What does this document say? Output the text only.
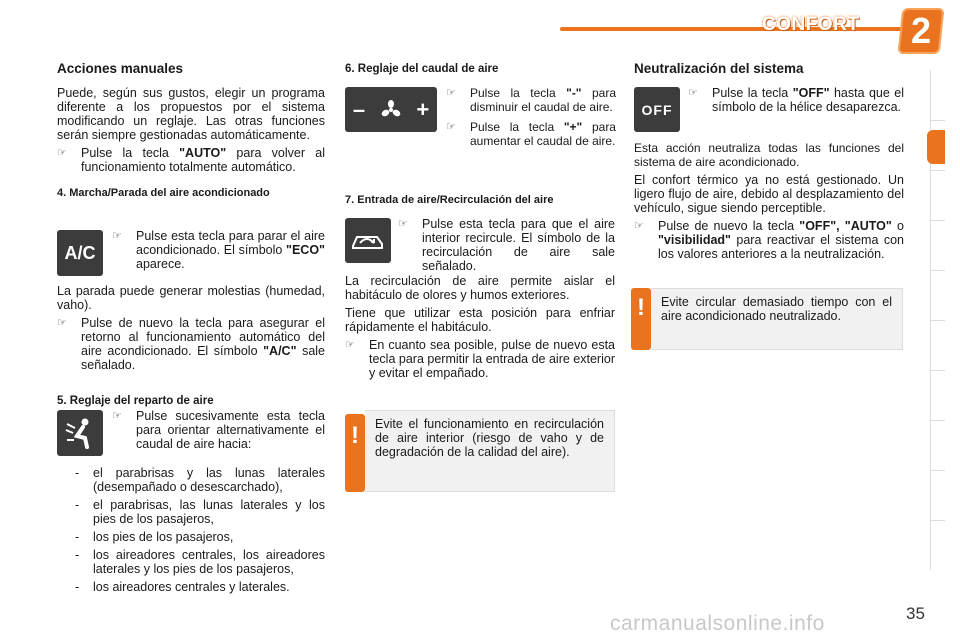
CONFORT	2
Acciones manuales

Puede, según sus gustos, elegir un programa diferente a los propuestos por el sistema modificando un reglaje. Las otras funciones serán siempre gestionadas automáticamente.

☞	Pulse la tecla "AUTO" para volver al funcionamiento totalmente automático.
4. Marcha/Parada del aire acondicionado
A/C
☞	Pulse esta tecla para parar el aire acondicionado. El símbolo "ECO" aparece.

La parada puede generar molestias (humedad, vaho).

☞	Pulse de nuevo la tecla para asegurar el retorno al funcionamiento automático del aire acondicionado. El símbolo "A/C" sale señalado.
5. Reglaje del reparto de aire
☞	Pulse sucesivamente esta tecla para orientar alternativamente el caudal de aire hacia:
-	el parabrisas y las lunas laterales (desempañado o desescarchado),
-	el parabrisas, las lunas laterales y los pies de los pasajeros,
-	los pies de los pasajeros,
-	los aireadores centrales, los aireadores laterales y los pies de los pasajeros,
-	los aireadores centrales y laterales.
6. Reglaje del caudal de aire
– +
☞	Pulse la tecla "-" para disminuir el caudal de aire.
☞	Pulse la tecla "+" para aumentar el caudal de aire.
7. Entrada de aire/Recirculación del aire
☞	Pulse esta tecla para que el aire interior recircule. El símbolo de la recirculación de aire sale señalado.

La recirculación de aire permite aislar el habitáculo de olores y humos exteriores.

Tiene que utilizar esta posición para enfriar rápidamente el habitáculo.

☞	En cuanto sea posible, pulse de nuevo esta tecla para permitir la entrada de aire exterior y evitar el empañado.
!	Evite el funcionamiento en recirculación de aire interior (riesgo de vaho y de degradación de la calidad del aire).
Neutralización del sistema
OFF
☞	Pulse la tecla "OFF" hasta que el símbolo de la hélice desaparezca.

Esta acción neutraliza todas las funciones del sistema de aire acondicionado.

El confort térmico ya no está gestionado. Un ligero flujo de aire, debido al desplazamiento del vehículo, sigue siendo perceptible.

☞	Pulse de nuevo la tecla "OFF", "AUTO" o "visibilidad" para reactivar el sistema con los valores anteriores a la neutralización.
!	Evite circular demasiado tiempo con el aire acondicionado neutralizado.
carmanualsonline.info	35
